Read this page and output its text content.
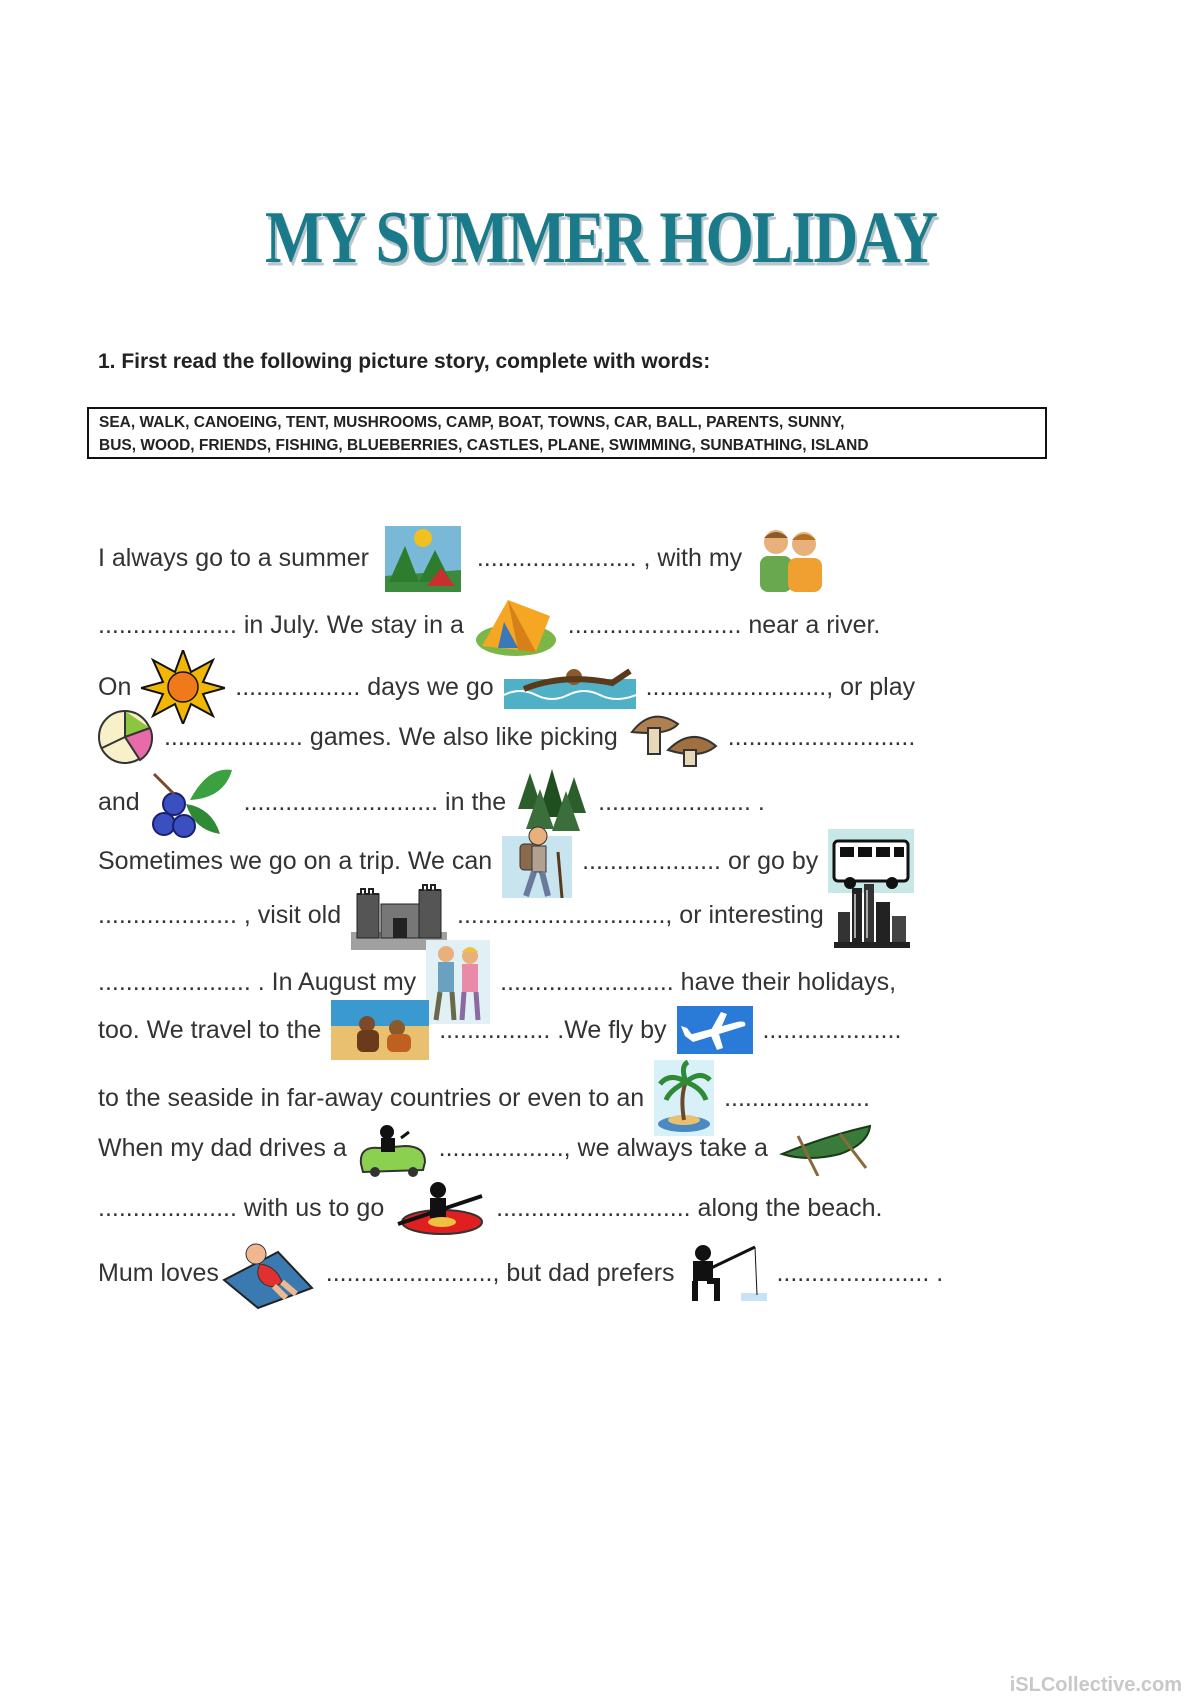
MY SUMMER HOLIDAY
1. First read the following picture story, complete with words:
SEA, WALK, CANOEING, TENT, MUSHROOMS, CAMP, BOAT, TOWNS, CAR, BALL, PARENTS, SUNNY,
BUS, WOOD, FRIENDS, FISHING, BLUEBERRIES, CASTLES, PLANE, SWIMMING, SUNBATHING, ISLAND
I always go to a summer	....................... , with my
.................... in July. We stay in a	......................... near a river.
On	.................. days we go	.........................., or play
.................... games. We also like picking	...........................
and	............................ in the	...................... .
Sometimes we go on a trip. We can	.................... or go by
.................... , visit old	.............................., or interesting
...................... . In August my	......................... have their holidays,
too. We travel to the	................ .We fly by	....................
to the seaside in far-away countries or even to an	.....................
When my dad drives a	.................., we always take a
.................... with us to go	............................ along the beach.
Mum loves	........................, but dad prefers	...................... .
iSLCollective.com
